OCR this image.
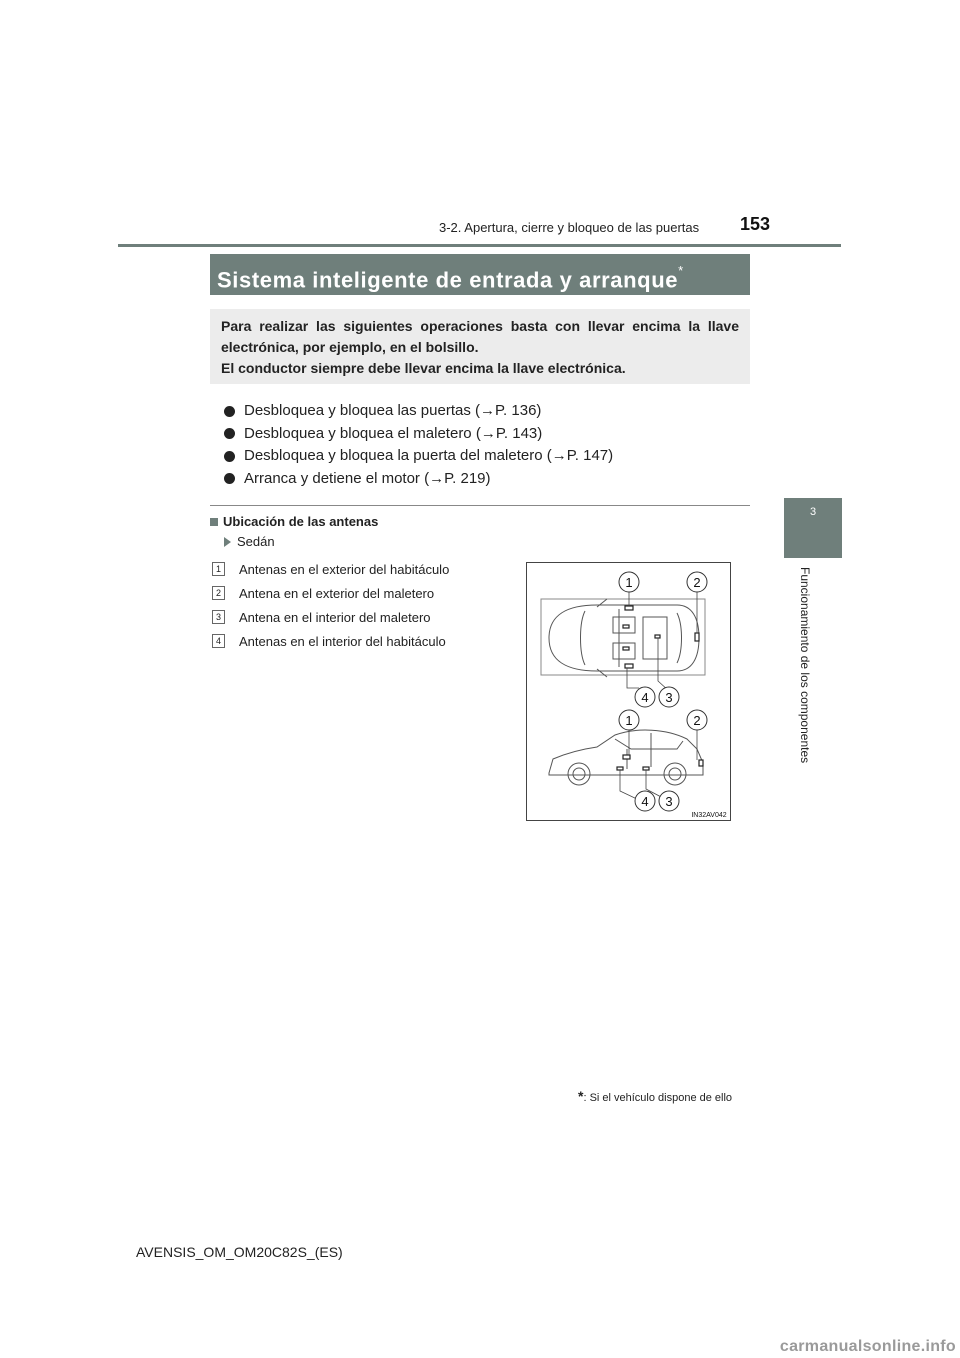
3-2. Apertura, cierre y bloqueo de las puertas 153
3
Funcionamiento de los componentes
Sistema inteligente de entrada y arranque*

Para realizar las siguientes operaciones basta con llevar encima la llave electrónica, por ejemplo, en el bolsillo.

El conductor siempre debe llevar encima la llave electrónica.

Desbloquea y bloquea las puertas (→P. 136)
Desbloquea y bloquea el maletero (→P. 143)
Desbloquea y bloquea la puerta del maletero (→P. 147)
Arranca y detiene el motor (→P. 219)
Ubicación de las antenas
Sedán
1	Antenas en el exterior del habitáculo
2	Antena en el exterior del maletero
3	Antena en el interior del maletero
4	Antenas en el interior del habitáculo
1	2
4 3
1	2
4 3
IN32AV042
*: Si el vehículo dispone de ello
AVENSIS_OM_OM20C82S_(ES)
carmanualsonline.info
